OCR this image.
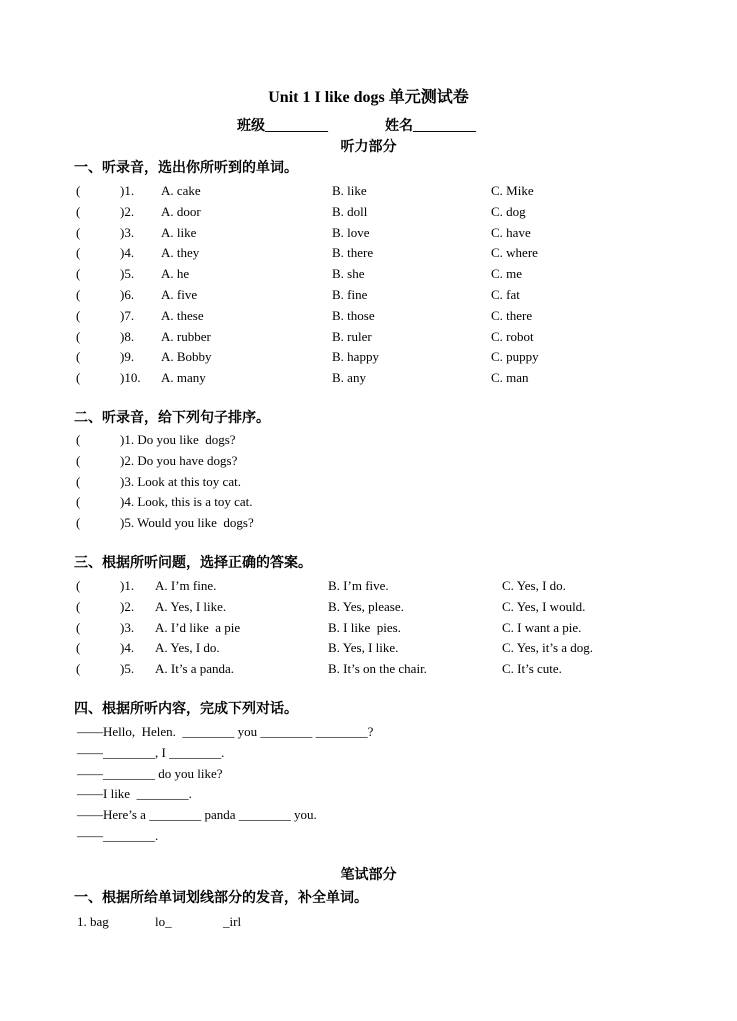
Unit 1 I like dogs 单元测试卷
班级_________	姓名_________
听力部分
一、听录音，选出你所听到的单词。
(	)1. A. cake	B. like	C. Mike
(	)2. A. door	B. doll	C. dog
(	)3. A. like	B. love	C. have
(	)4. A. they	B. there	C. where
(	)5. A. he	B. she	C. me
(	)6. A. five	B. fine	C. fat
(	)7. A. these	B. those	C. there
(	)8. A. rubber	B. ruler	C. robot
(	)9. A. Bobby	B. happy	C. puppy
(	)10. A. many	B. any	C. man
二、听录音，给下列句子排序。
(	)1. Do you like  dogs?
(	)2. Do you have dogs?
(	)3. Look at this toy cat.
(	)4. Look, this is a toy cat.
(	)5. Would you like  dogs?
三、根据所听问题，选择正确的答案。
(	)1. A. I’m fine.	B. I’m five.	C. Yes, I do.
(	)2. A. Yes, I like.	B. Yes, please.	C. Yes, I would.
(	)3. A. I’d like  a pie	B. I like  pies.	C. I want a pie.
(	)4. A. Yes, I do.	B. Yes, I like.	C. Yes, it’s a dog.
(	)5. A. It’s a panda.	B. It’s on the chair.	C. It’s cute.
四、根据所听内容，完成下列对话。
——Hello,  Helen.  ________ you ________ ________?
——________, I ________.
——________ do you like?
——I like  ________.
——Here’s a ________ panda ________ you.
——________.
笔试部分
一、根据所给单词划线部分的发音，补全单词。
1. bag	lo_	_irl
